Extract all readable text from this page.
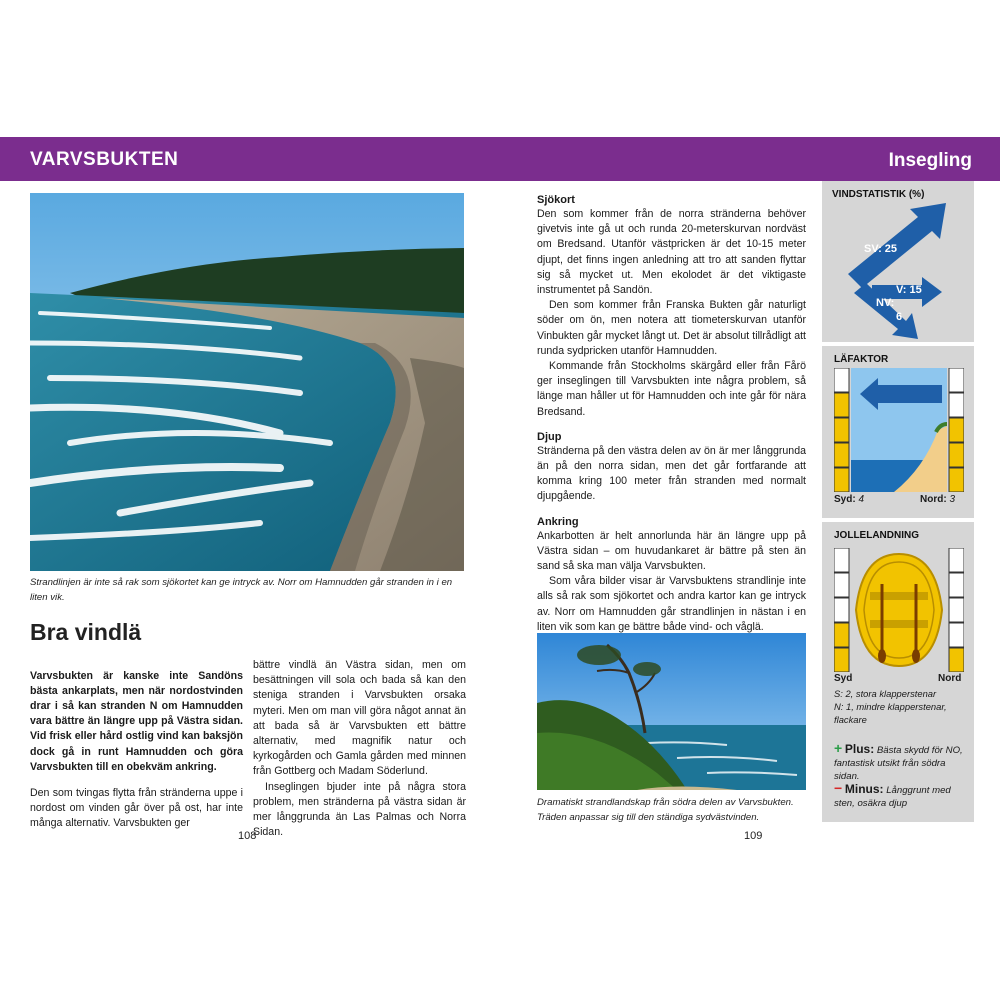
VARVSBUKTEN	Insegling
Strandlinjen är inte så rak som sjökortet kan ge intryck av. Norr om Hamnudden går stranden in i en liten vik.
Bra vindlä

Varvsbukten är kanske inte Sandöns bästa ankarplats, men när nordostvinden drar i så kan stranden N om Hamnudden vara bättre än längre upp på Västra sidan. Vid frisk eller hård ostlig vind kan baksjön dock gå in runt Hamnudden och göra Varvsbukten till en obekväm ankring.

Den som tvingas flytta från stränderna uppe i nordost om vinden går över på ost, har inte många alternativ. Varvsbukten ger

bättre vindlä än Västra sidan, men om besättningen vill sola och bada så kan den steniga stranden i Varvsbukten orsaka myteri. Men om man vill göra något annat än att bada så är Varvsbukten ett bättre alternativ, med magnifik natur och kyrkogården och Gamla gården med minnen från Gottberg och Madam Söderlund.

Inseglingen bjuder inte på några stora problem, men stränderna på västra sidan är mer långgrunda än Las Palmas och Norra Sidan.

108
Sjökort

Den som kommer från de norra stränderna behöver givetvis inte gå ut och runda 20-meterskurvan nordväst om Bredsand. Utanför västpricken är det 10-15 meter djupt, det finns ingen anledning att tro att sanden flyttar sig så mycket ut. Men ekolodet är det viktigaste instrumentet på Sandön.

Den som kommer från Franska Bukten går naturligt söder om ön, men notera att tiometerskurvan utanför Vinbukten går mycket långt ut. Det är absolut tillrådligt att runda sydpricken utanför Hamnudden.

Kommande från Stockholms skärgård eller från Fårö ger inseglingen till Varvsbukten inte några problem, så länge man håller ut för Hamnudden och inte går för nära Bredsand.

Djup

Stränderna på den västra delen av ön är mer långgrunda än på den norra sidan, men det går fortfarande att komma kring 100 meter från stranden med normalt djupgående.

Ankring

Ankarbotten är helt annorlunda här än längre upp på Västra sidan – om huvudankaret är bättre på sten än sand så ska man välja Varvsbukten.

Som våra bilder visar är Varvsbuktens strandlinje inte alls så rak som sjökortet och andra kartor kan ge intryck av. Norr om Hamnudden går strandlinjen in nästan i en liten vik som kan ge bättre både vind- och våglä.

Dramatiskt strandlandskap från södra delen av Varvsbukten. Träden anpassar sig till den ständiga sydvästvinden.
109
VINDSTATISTIK (%)
SV: 25
V: 15
NV:
6
LÄFAKTOR
Syd: 4	Nord: 3
JOLLELANDNING
Syd	Nord
S: 2, stora klapperstenar
N: 1, mindre klapperstenar, flackare
+ Plus: Bästa skydd för NO, fantastisk utsikt från södra sidan.
− Minus: Långgrunt med sten, osäkra djup
